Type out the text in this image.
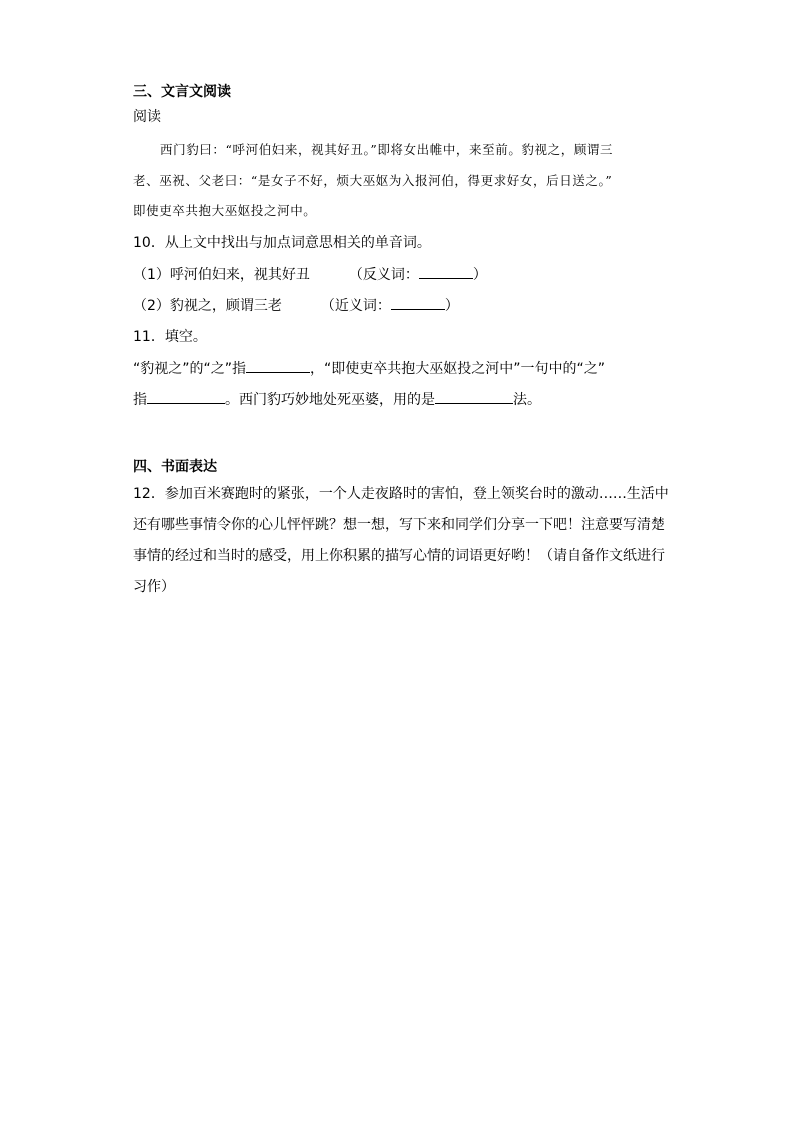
三、文言文阅读
阅读
西门豹曰：“呼河伯妇来，视其好丑。”即将女出帷中，来至前。豹视之，顾谓三
老、巫祝、父老曰：“是女子不好，烦大巫妪为入报河伯，得更求好女，后日送之。”
即使吏卒共抱大巫妪投之河中。
10．从上文中找出与加点词意思相关的单音词。
（1）呼河伯妇来，视其好丑	（反义词：	）
（2）豹视之，顾谓三老	（近义词：	）
11．填空。
“豹视之”的“之”指	，“即使吏卒共抱大巫妪投之河中”一句中的“之”
指	。西门豹巧妙地处死巫婆，用的是	法。
四、书面表达
12．参加百米赛跑时的紧张，一个人走夜路时的害怕，登上领奖台时的激动……生活中
还有哪些事情令你的心儿怦怦跳？想一想，写下来和同学们分享一下吧！注意要写清楚
事情的经过和当时的感受，用上你积累的描写心情的词语更好哟！（请自备作文纸进行
习作）
